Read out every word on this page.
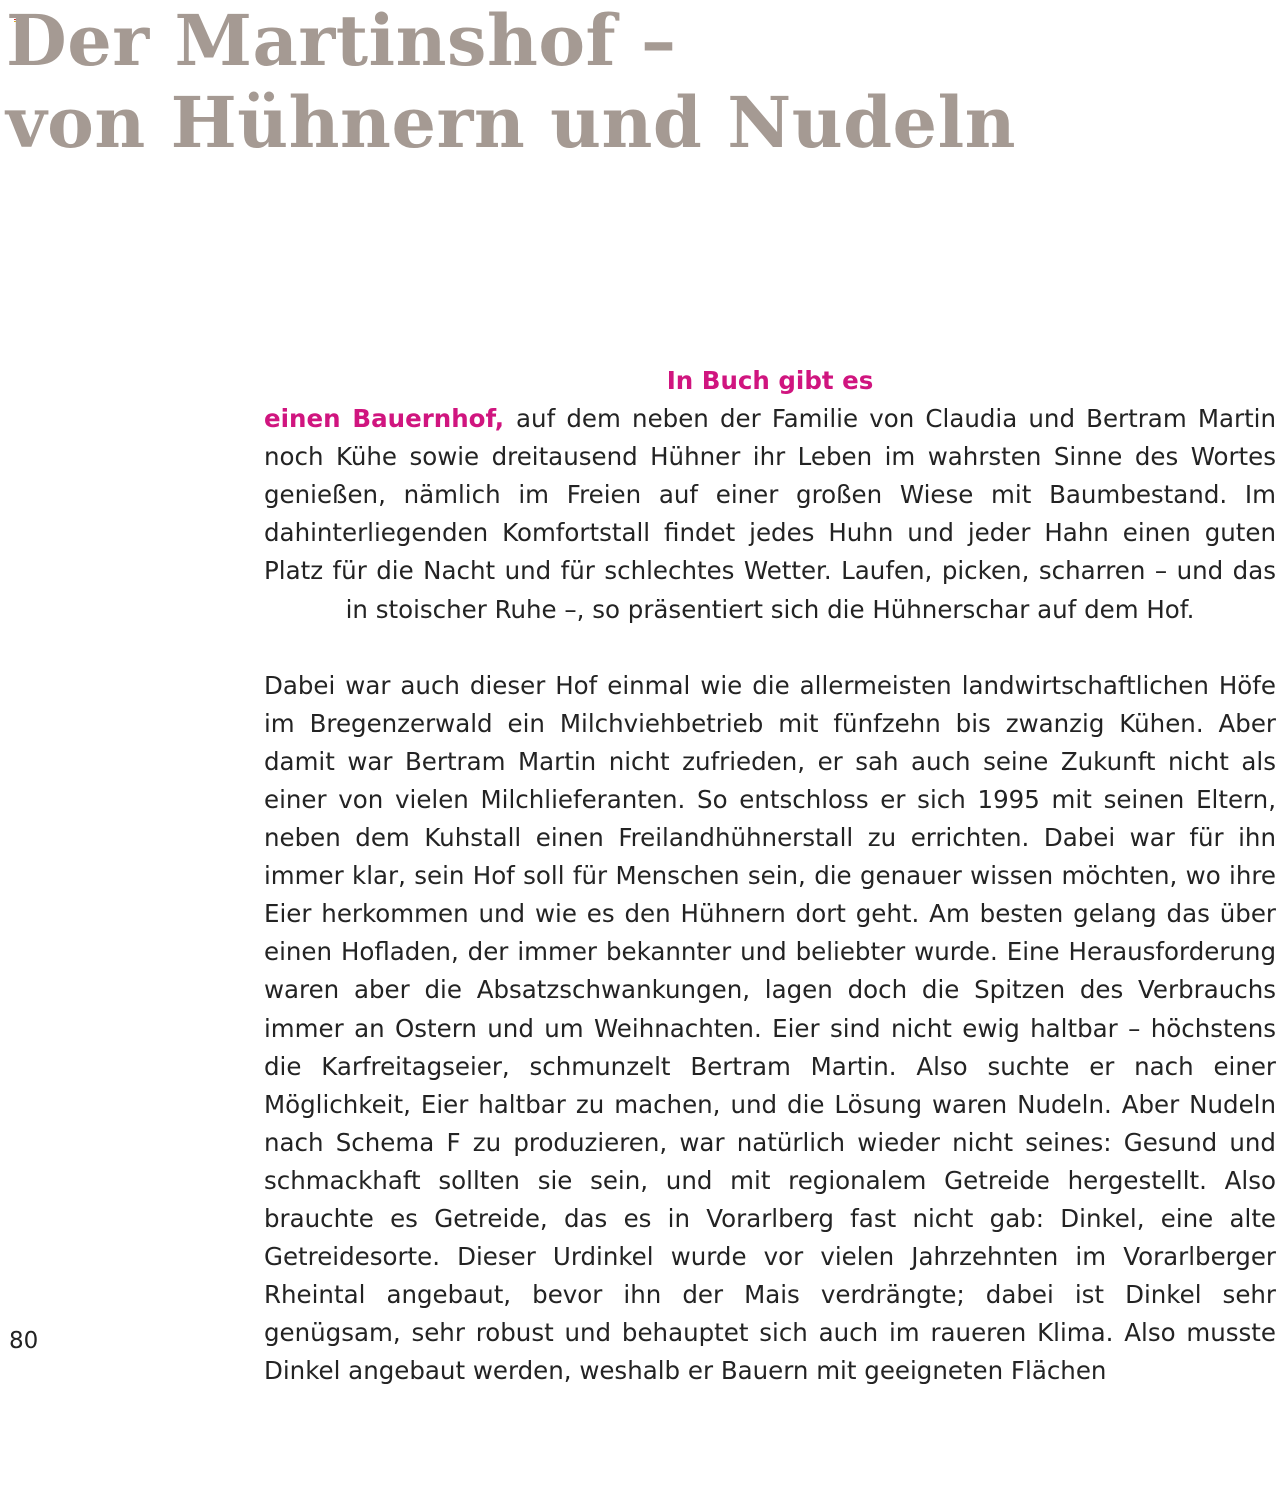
Der Martinshof –
von Hühnern und Nudeln

In Buch gibt es
einen Bauernhof, auf dem neben der Familie von Claudia und Bertram Martin noch Kühe sowie dreitausend Hühner ihr Leben im wahrsten Sinne des Wortes genießen, nämlich im Freien auf einer großen Wiese mit Baumbestand. Im dahinterliegenden Komfortstall findet jedes Huhn und jeder Hahn einen guten Platz für die Nacht und für schlechtes Wetter. Laufen, picken, scharren – und das in stoischer Ruhe –, so präsentiert sich die Hühnerschar auf dem Hof.

Dabei war auch dieser Hof einmal wie die allermeisten landwirtschaftlichen Höfe im Bregenzerwald ein Milchviehbetrieb mit fünfzehn bis zwanzig Kühen. Aber damit war Bertram Martin nicht zufrieden, er sah auch seine Zukunft nicht als einer von vielen Milchlieferanten. So entschloss er sich 1995 mit seinen Eltern, neben dem Kuhstall einen Freilandhühnerstall zu errichten. Dabei war für ihn immer klar, sein Hof soll für Menschen sein, die genauer wissen möchten, wo ihre Eier herkommen und wie es den Hühnern dort geht. Am besten gelang das über einen Hofladen, der immer bekannter und beliebter wurde. Eine Herausforderung waren aber die Absatzschwankungen, lagen doch die Spitzen des Verbrauchs immer an Ostern und um Weihnachten. Eier sind nicht ewig haltbar – höchstens die Karfreitagseier, schmunzelt Bertram Martin. Also suchte er nach einer Möglichkeit, Eier haltbar zu machen, und die Lösung waren Nudeln. Aber Nudeln nach Schema F zu produzieren, war natürlich wieder nicht seines: Gesund und schmackhaft sollten sie sein, und mit regionalem Getreide hergestellt. Also brauchte es Getreide, das es in Vorarlberg fast nicht gab: Dinkel, eine alte Getreidesorte. Dieser Urdinkel wurde vor vielen Jahrzehnten im Vorarlberger Rheintal angebaut, bevor ihn der Mais verdrängte; dabei ist Dinkel sehr genügsam, sehr robust und behauptet sich auch im raueren Klima. Also musste Dinkel angebaut werden, weshalb er Bauern mit geeigneten Flächen

80
